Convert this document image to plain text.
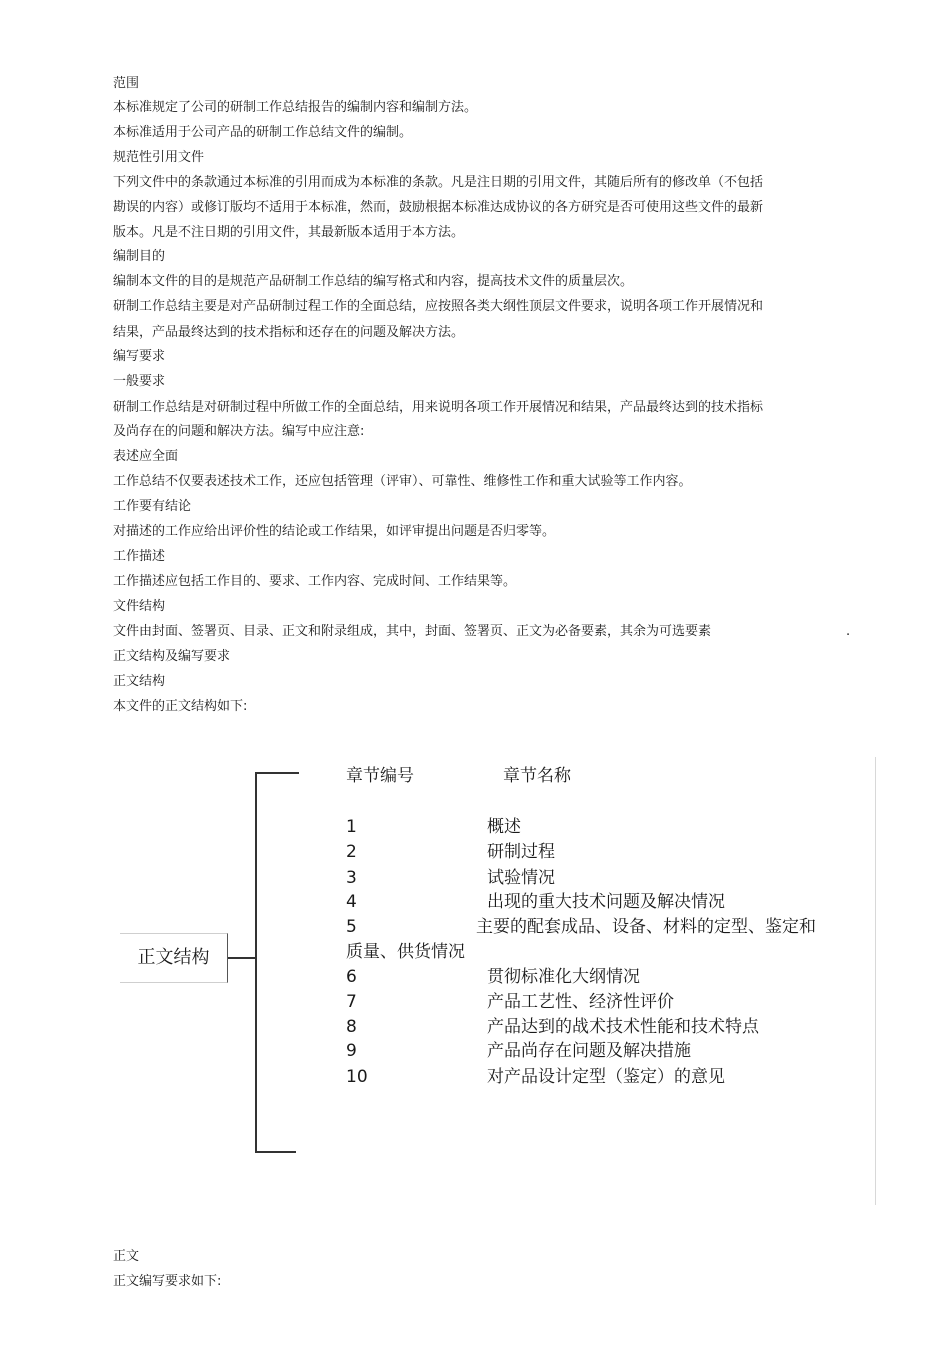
范围
本标准规定了公司的研制工作总结报告的编制内容和编制方法。
本标准适用于公司产品的研制工作总结文件的编制。
规范性引用文件
下列文件中的条款通过本标准的引用而成为本标准的条款。凡是注日期的引用文件，其随后所有的修改单（不包括
勘误的内容）或修订版均不适用于本标准，然而，鼓励根据本标准达成协议的各方研究是否可使用这些文件的最新
版本。凡是不注日期的引用文件，其最新版本适用于本方法。
编制目的
编制本文件的目的是规范产品研制工作总结的编写格式和内容，提高技术文件的质量层次。
研制工作总结主要是对产品研制过程工作的全面总结，应按照各类大纲性顶层文件要求，说明各项工作开展情况和
结果，产品最终达到的技术指标和还存在的问题及解决方法。
编写要求
一般要求
研制工作总结是对研制过程中所做工作的全面总结，用来说明各项工作开展情况和结果，产品最终达到的技术指标
及尚存在的问题和解决方法。编写中应注意:
表述应全面
工作总结不仅要表述技术工作，还应包括管理（评审）、可靠性、维修性工作和重大试验等工作内容。
工作要有结论
对描述的工作应给出评价性的结论或工作结果，如评审提出问题是否归零等。
工作描述
工作描述应包括工作目的、要求、工作内容、完成时间、工作结果等。
文件结构
文件由封面、签署页、目录、正文和附录组成，其中，封面、签署页、正文为必备要素，其余为可选要素	.
正文结构及编写要求
正文结构
本文件的正文结构如下:
正文结构
章节编号	章节名称
1	概述
2	研制过程
3	试验情况
4	出现的重大技术问题及解决情况
5	主要的配套成品、设备、材料的定型、鉴定和
质量、供货情况
6	贯彻标准化大纲情况
7	产品工艺性、经济性评价
8	产品达到的战术技术性能和技术特点
9	产品尚存在问题及解决措施
10	对产品设计定型（鉴定）的意见
正文
正文编写要求如下:
